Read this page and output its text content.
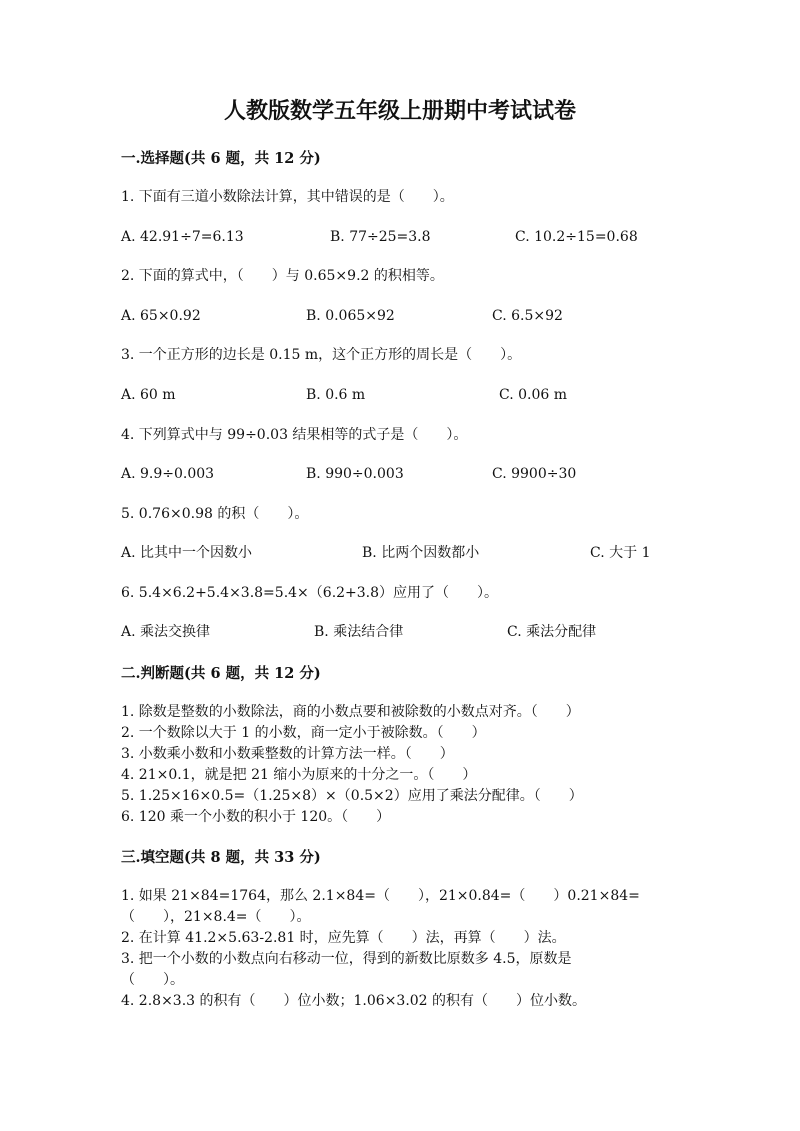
人教版数学五年级上册期中考试试卷
一.选择题(共 6 题，共 12 分)
1. 下面有三道小数除法计算，其中错误的是（　　）。
A. 42.91÷7=6.13	B. 77÷25=3.8	C. 10.2÷15=0.68
2. 下面的算式中，（　　）与 0.65×9.2 的积相等。
A. 65×0.92	B. 0.065×92	C. 6.5×92
3. 一个正方形的边长是 0.15 m，这个正方形的周长是（　　）。
A. 60 m	B. 0.6 m	C. 0.06 m
4. 下列算式中与 99÷0.03 结果相等的式子是（　　）。
A. 9.9÷0.003	B. 990÷0.003	C. 9900÷30
5. 0.76×0.98 的积（　　）。
A. 比其中一个因数小	B. 比两个因数都小	C. 大于 1
6. 5.4×6.2+5.4×3.8=5.4×（6.2+3.8）应用了（　　）。
A. 乘法交换律	B. 乘法结合律	C. 乘法分配律
二.判断题(共 6 题，共 12 分)
1. 除数是整数的小数除法，商的小数点要和被除数的小数点对齐。（　　）
2. 一个数除以大于 1 的小数，商一定小于被除数。（　　）
3. 小数乘小数和小数乘整数的计算方法一样。（　　）
4. 21×0.1，就是把 21 缩小为原来的十分之一。（　　）
5. 1.25×16×0.5=（1.25×8）×（0.5×2）应用了乘法分配律。（　　）
6. 120 乘一个小数的积小于 120。（　　）
三.填空题(共 8 题，共 33 分)
1. 如果 21×84=1764，那么 2.1×84=（　　），21×0.84=（　　）0.21×84=
（　　），21×8.4=（　　）。
2. 在计算 41.2×5.63-2.81 时，应先算（　　）法，再算（　　）法。
3. 把一个小数的小数点向右移动一位，得到的新数比原数多 4.5，原数是
（　　）。
4. 2.8×3.3 的积有（　　）位小数；1.06×3.02 的积有（　　）位小数。
